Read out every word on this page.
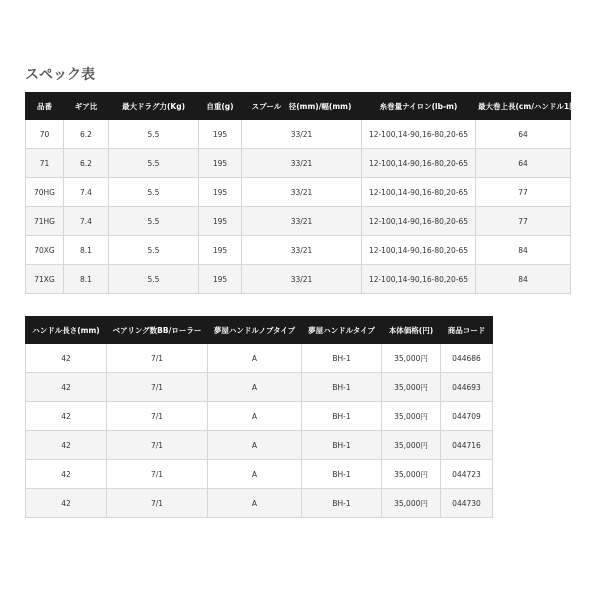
スペック表
品番	ギア比	最大ドラグ力(Kg)	自重(g)	スプール　径(mm)/幅(mm)	糸巻量ナイロン(lb-m)	最大巻上長(cm/ハンドル1回転)
70	6.2	5.5	195	33/21	12-100,14-90,16-80,20-65	64
71	6.2	5.5	195	33/21	12-100,14-90,16-80,20-65	64
70HG	7.4	5.5	195	33/21	12-100,14-90,16-80,20-65	77
71HG	7.4	5.5	195	33/21	12-100,14-90,16-80,20-65	77
70XG	8.1	5.5	195	33/21	12-100,14-90,16-80,20-65	84
71XG	8.1	5.5	195	33/21	12-100,14-90,16-80,20-65	84
ハンドル長さ(mm)	ベアリング数BB/ローラー	夢屋ハンドルノブタイプ	夢屋ハンドルタイプ	本体価格(円)	商品コード
42	7/1	A	BH-1	35,000円	044686
42	7/1	A	BH-1	35,000円	044693
42	7/1	A	BH-1	35,000円	044709
42	7/1	A	BH-1	35,000円	044716
42	7/1	A	BH-1	35,000円	044723
42	7/1	A	BH-1	35,000円	044730
